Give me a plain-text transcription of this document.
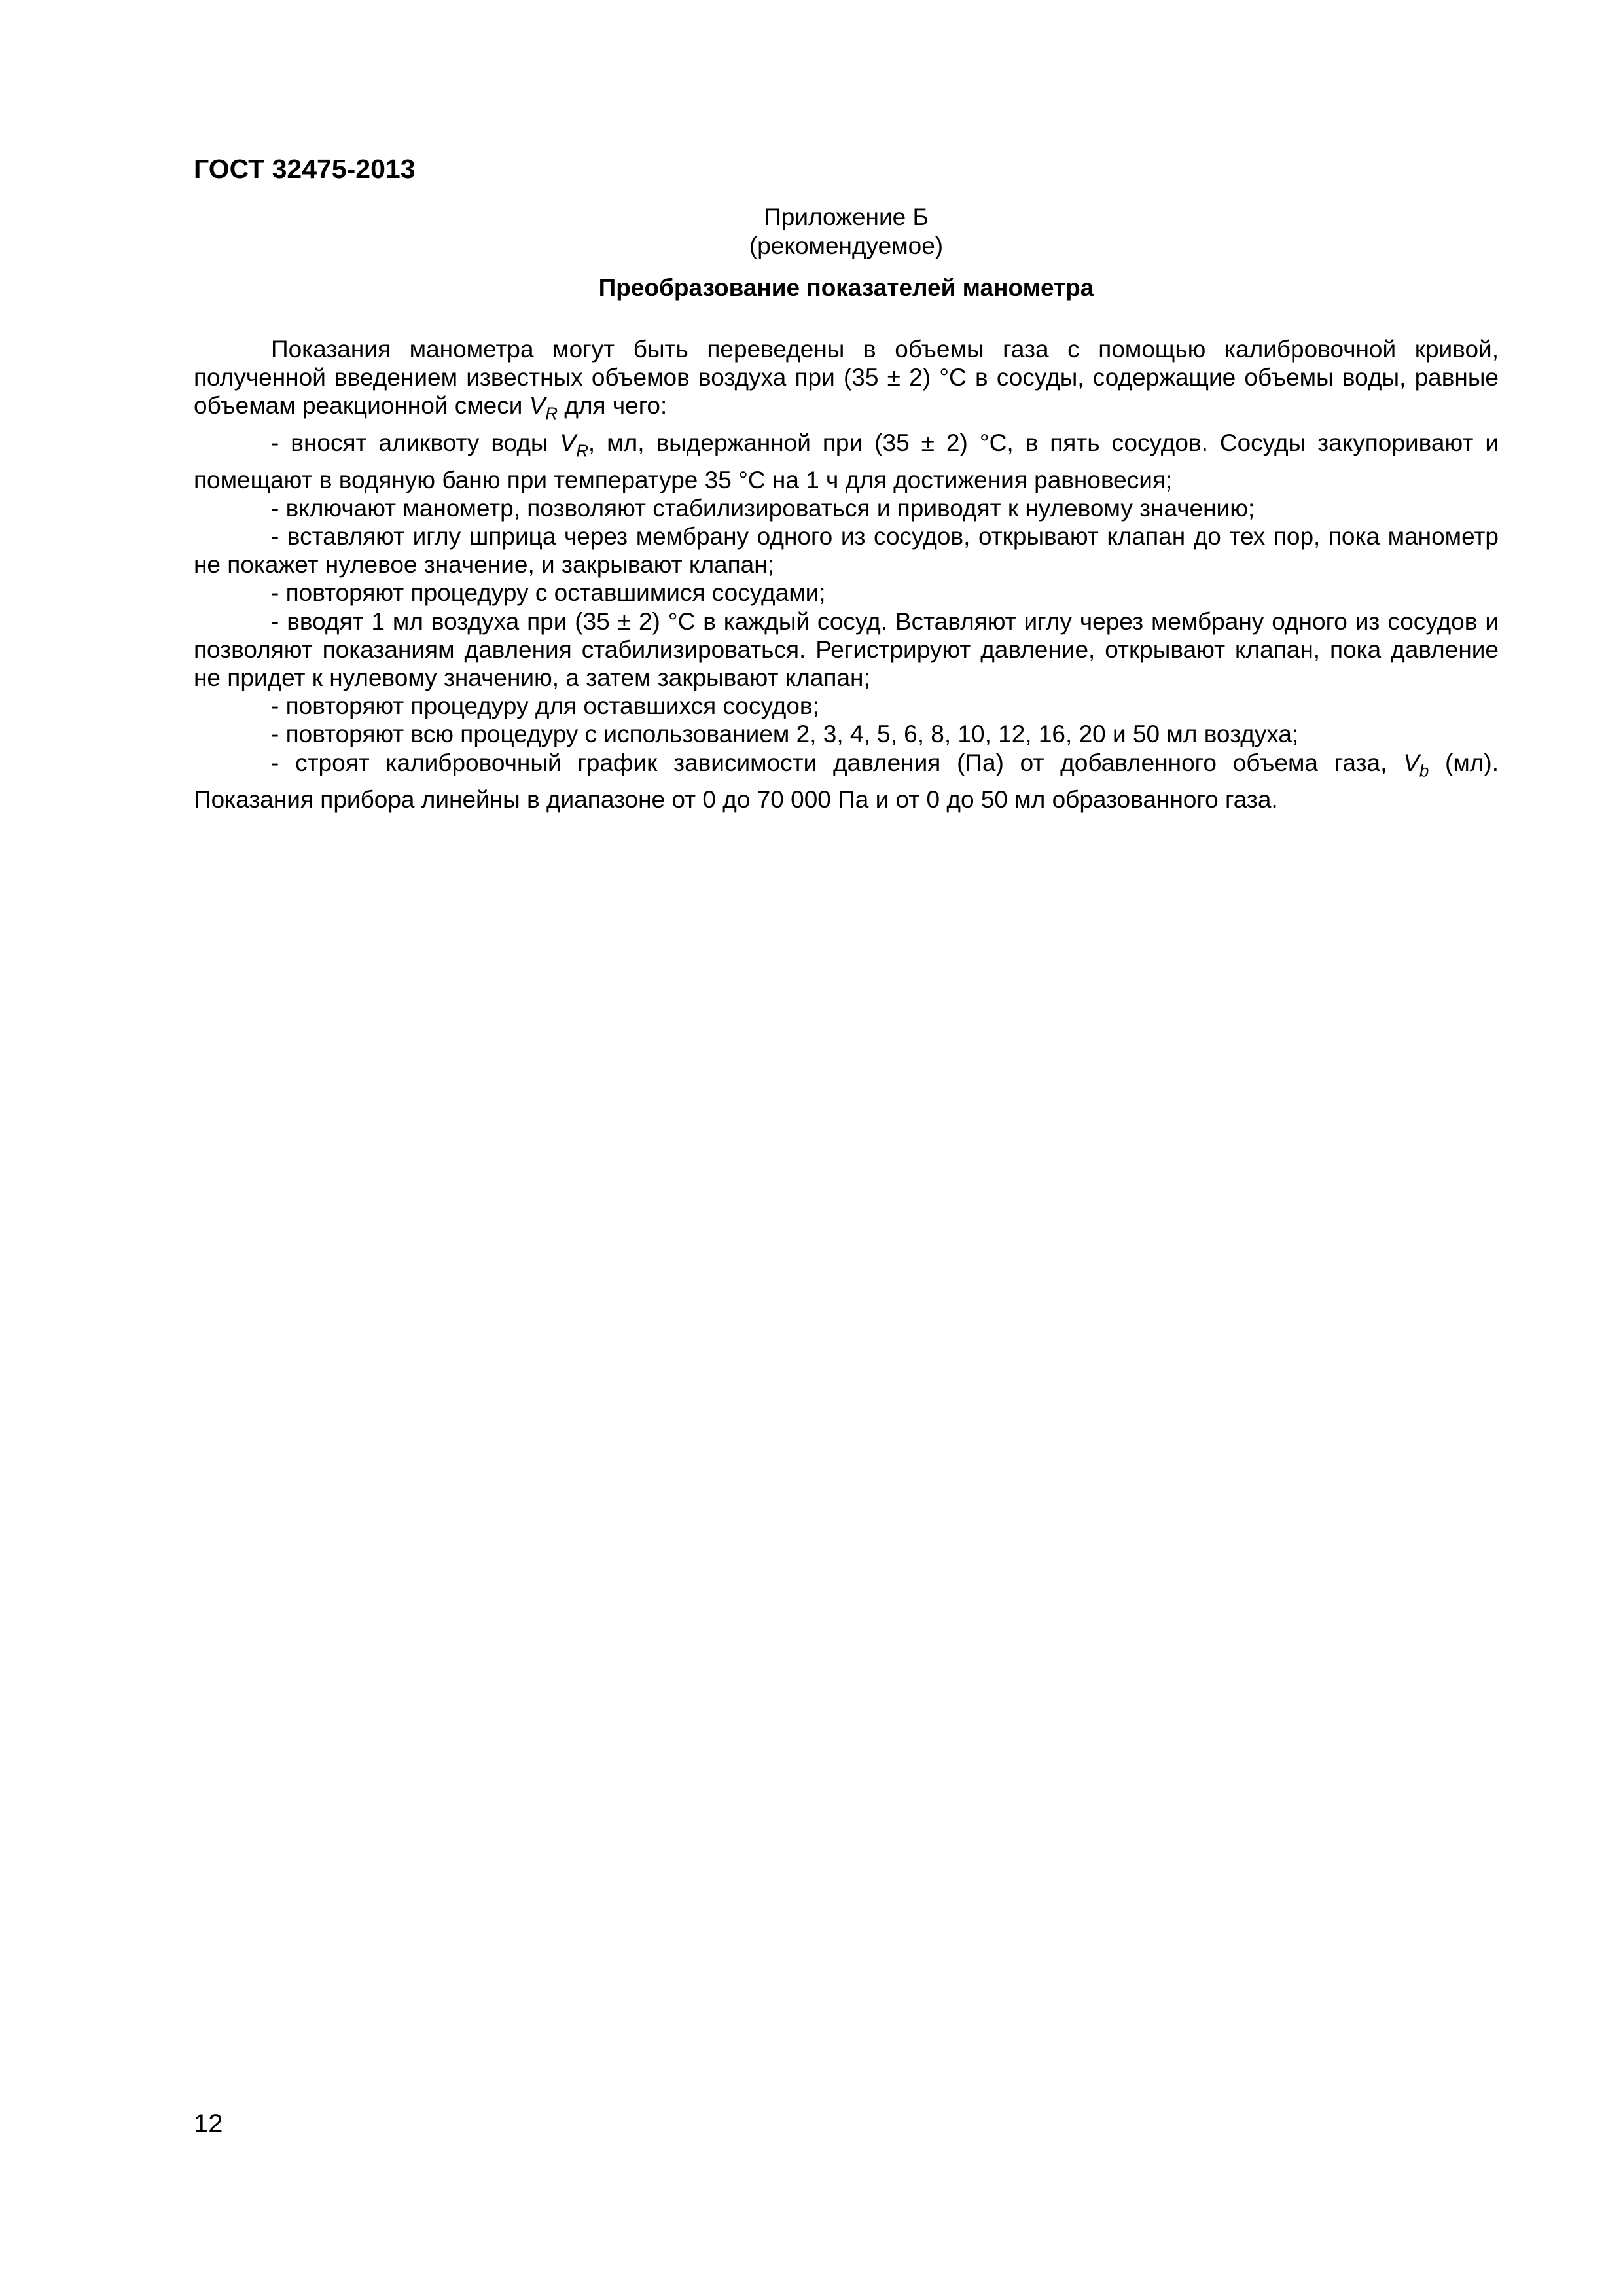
ГОСТ 32475-2013
Приложение Б
(рекомендуемое)
Преобразование показателей манометра

Показания манометра могут быть переведены в объемы газа с помощью калибровочной кривой, полученной введением известных объемов воздуха при (35 ± 2) °С в сосуды, содержащие объемы воды, равные объемам реакционной смеси $V_R$ для чего:

- вносят аликвоту воды $V_R$, мл, выдержанной при (35 ± 2) °С, в пять сосудов. Сосуды закупоривают и помещают в водяную баню при температуре 35 °С на 1 ч для достижения равновесия;

- включают манометр, позволяют стабилизироваться и приводят к нулевому значению;

- вставляют иглу шприца через мембрану одного из сосудов, открывают клапан до тех пор, пока манометр не покажет нулевое значение, и закрывают клапан;

- повторяют процедуру с оставшимися сосудами;

- вводят 1 мл воздуха при (35 ± 2) °С в каждый сосуд. Вставляют иглу через мембрану одного из сосудов и позволяют показаниям давления стабилизироваться. Регистрируют давление, открывают клапан, пока давление не придет к нулевому значению, а затем закрывают клапан;

- повторяют процедуру для оставшихся сосудов;

- повторяют всю процедуру с использованием 2, 3, 4, 5, 6, 8, 10, 12, 16, 20 и 50 мл воздуха;

- строят калибровочный график зависимости давления (Па) от добавленного объема газа, $V_b$ (мл). Показания прибора линейны в диапазоне от 0 до 70 000 Па и от 0 до 50 мл образованного газа.

12
